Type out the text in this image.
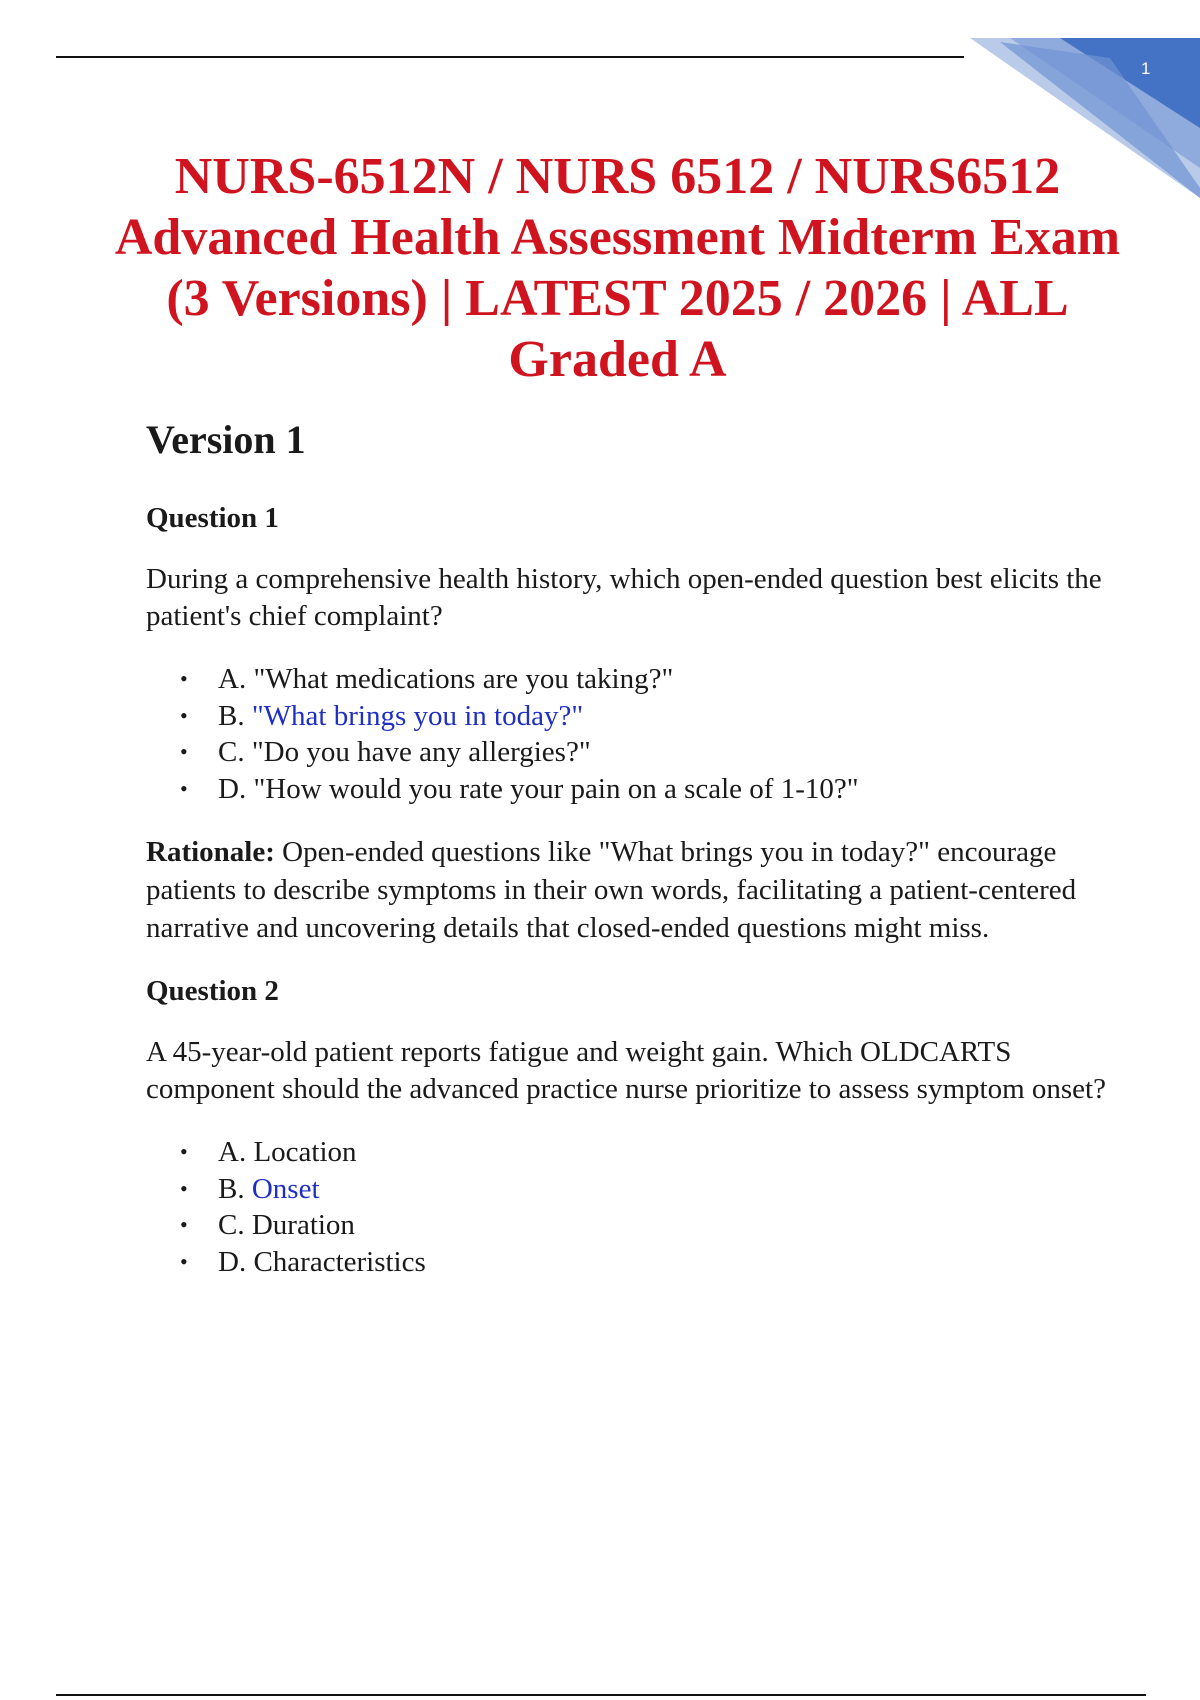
1
NURS-6512N / NURS 6512 / NURS6512 Advanced Health Assessment Midterm Exam (3 Versions) | LATEST 2025 / 2026 | ALL Graded A
Version 1
Question 1

During a comprehensive health history, which open-ended question best elicits the patient's chief complaint?

• A. "What medications are you taking?"
• B. "What brings you in today?"
• C. "Do you have any allergies?"
• D. "How would you rate your pain on a scale of 1-10?"

Rationale: Open-ended questions like "What brings you in today?" encourage patients to describe symptoms in their own words, facilitating a patient-centered narrative and uncovering details that closed-ended questions might miss.

Question 2

A 45-year-old patient reports fatigue and weight gain. Which OLDCARTS component should the advanced practice nurse prioritize to assess symptom onset?

• A. Location
• B. Onset
• C. Duration
• D. Characteristics
